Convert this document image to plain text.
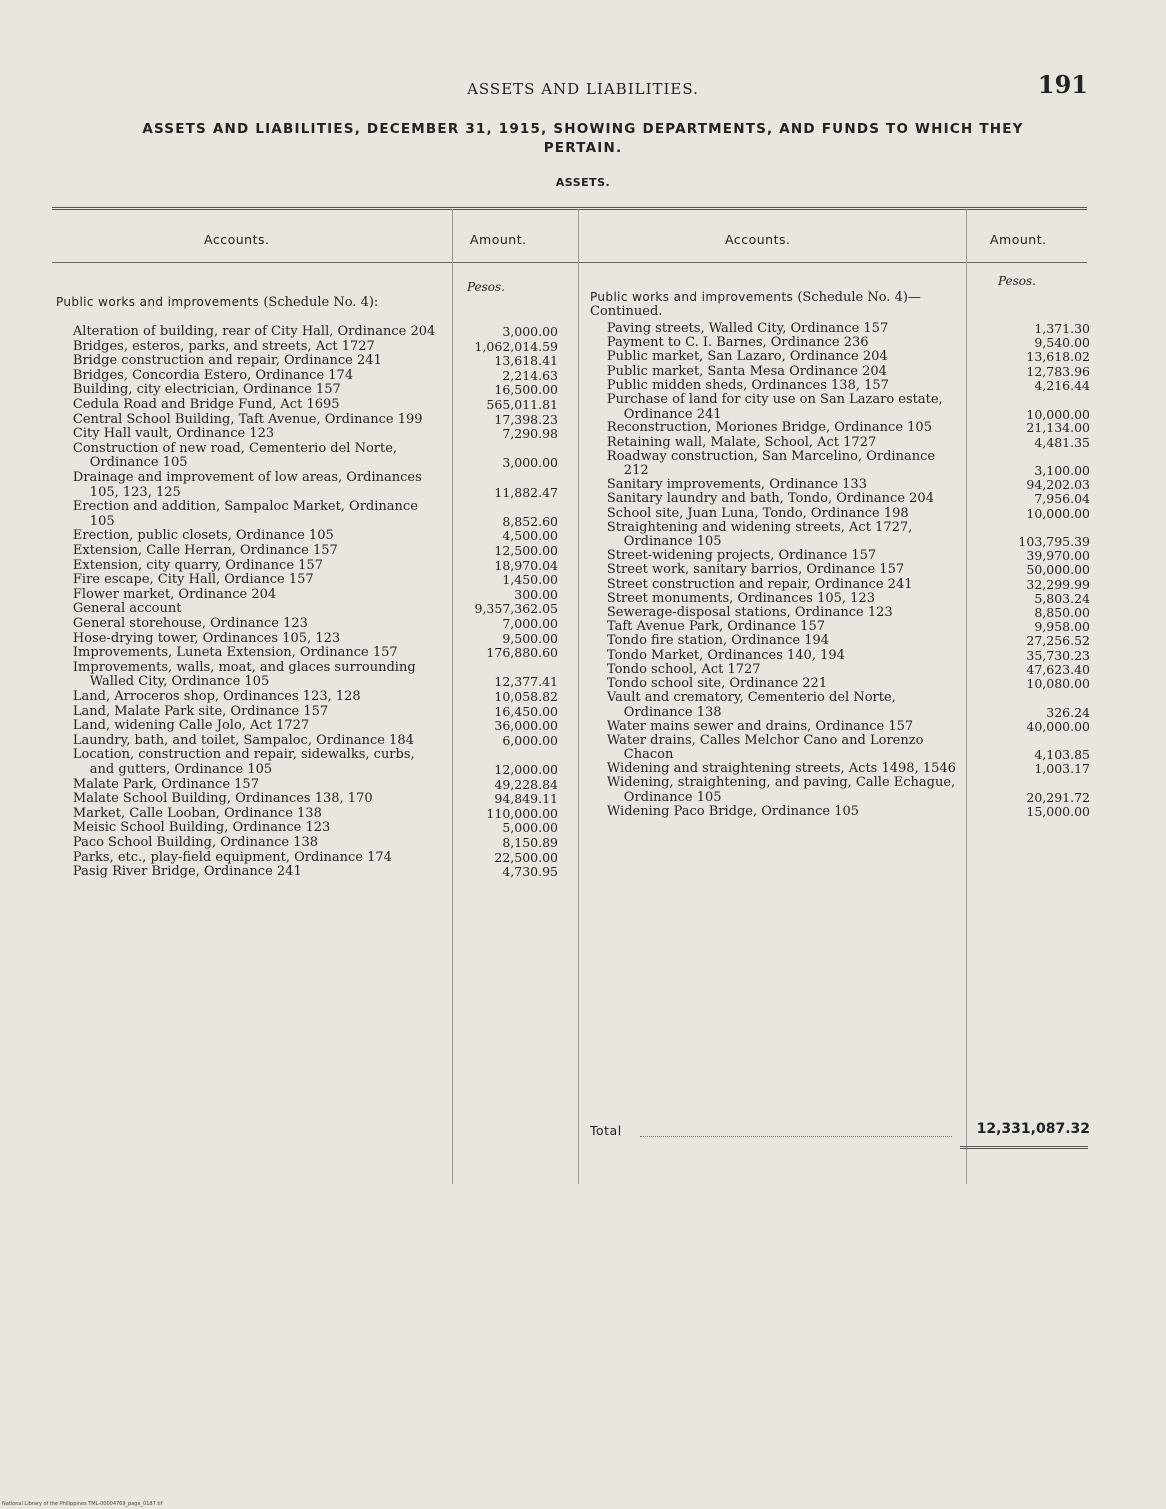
ASSETS AND LIABILITIES.	191
ASSETS AND LIABILITIES, DECEMBER 31, 1915, SHOWING DEPARTMENTS, AND FUNDS TO WHICH THEY
PERTAIN.
ASSETS.
Accounts.	Amount.	Accounts.	Amount.
Pesos.	Pesos.
Public works and improvements (Schedule No. 4):	Public works and improvements (Schedule No. 4)—Continued.
Alteration of building, rear of City Hall, Ordinance 204	3,000.00
Bridges, esteros, parks, and streets, Act 1727	1,062,014.59
Bridge construction and repair, Ordinance 241	13,618.41
Bridges, Concordia Estero, Ordinance 174	2,214.63
Building, city electrician, Ordinance 157	16,500.00
Cedula Road and Bridge Fund, Act 1695	565,011.81
Central School Building, Taft Avenue, Ordinance 199	17,398.23
City Hall vault, Ordinance 123	7,290.98
Construction of new road, Cementerio del Norte, Ordinance 105	3,000.00
Drainage and improvement of low areas, Ordinances 105, 123, 125	11,882.47
Erection and addition, Sampaloc Market, Ordinance 105	8,852.60
Erection, public closets, Ordinance 105	4,500.00
Extension, Calle Herran, Ordinance 157	12,500.00
Extension, city quarry, Ordinance 157	18,970.04
Fire escape, City Hall, Ordiance 157	1,450.00
Flower market, Ordinance 204	300.00
General account	9,357,362.05
General storehouse, Ordinance 123	7,000.00
Hose-drying tower, Ordinances 105, 123	9,500.00
Improvements, Luneta Extension, Ordinance 157	176,880.60
Improvements, walls, moat, and glaces surrounding Walled City, Ordinance 105	12,377.41
Land, Arroceros shop, Ordinances 123, 128	10,058.82
Land, Malate Park site, Ordinance 157	16,450.00
Land, widening Calle Jolo, Act 1727	36,000.00
Laundry, bath, and toilet, Sampaloc, Ordinance 184	6,000.00
Location, construction and repair, sidewalks, curbs, and gutters, Ordinance 105	12,000.00
Malate Park, Ordinance 157	49,228.84
Malate School Building, Ordinances 138, 170	94,849.11
Market, Calle Looban, Ordinance 138	110,000.00
Meisic School Building, Ordinance 123	5,000.00
Paco School Building, Ordinance 138	8,150.89
Parks, etc., play-field equipment, Ordinance 174	22,500.00
Pasig River Bridge, Ordinance 241	4,730.95
Paving streets, Walled City, Ordinance 157	1,371.30
Payment to C. I. Barnes, Ordinance 236	9,540.00
Public market, San Lazaro, Ordinance 204	13,618.02
Public market, Santa Mesa Ordinance 204	12,783.96
Public midden sheds, Ordinances 138, 157	4,216.44
Purchase of land for city use on San Lazaro estate, Ordinance 241	10,000.00
Reconstruction, Moriones Bridge, Ordinance 105	21,134.00
Retaining wall, Malate, School, Act 1727	4,481.35
Roadway construction, San Marcelino, Ordinance 212	3,100.00
Sanitary improvements, Ordinance 133	94,202.03
Sanitary laundry and bath, Tondo, Ordinance 204	7,956.04
School site, Juan Luna, Tondo, Ordinance 198	10,000.00
Straightening and widening streets, Act 1727, Ordinance 105	103,795.39
Street-widening projects, Ordinance 157	39,970.00
Street work, sanitary barrios, Ordinance 157	50,000.00
Street construction and repair, Ordinance 241	32,299.99
Street monuments, Ordinances 105, 123	5,803.24
Sewerage-disposal stations, Ordinance 123	8,850.00
Taft Avenue Park, Ordinance 157	9,958.00
Tondo fire station, Ordinance 194	27,256.52
Tondo Market, Ordinances 140, 194	35,730.23
Tondo school, Act 1727	47,623.40
Tondo school site, Ordinance 221	10,080.00
Vault and crematory, Cementerio del Norte, Ordinance 138	326.24
Water mains sewer and drains, Ordinance 157	40,000.00
Water drains, Calles Melchor Cano and Lorenzo Chacon	4,103.85
Widening and straightening streets, Acts 1498, 1546	1,003.17
Widening, straightening, and paving, Calle Echague, Ordinance 105	20,291.72
Widening Paco Bridge, Ordinance 105	15,000.00
Total	12,331,087.32
National Library of the Philippines TML-00004769_page_0187.tif
